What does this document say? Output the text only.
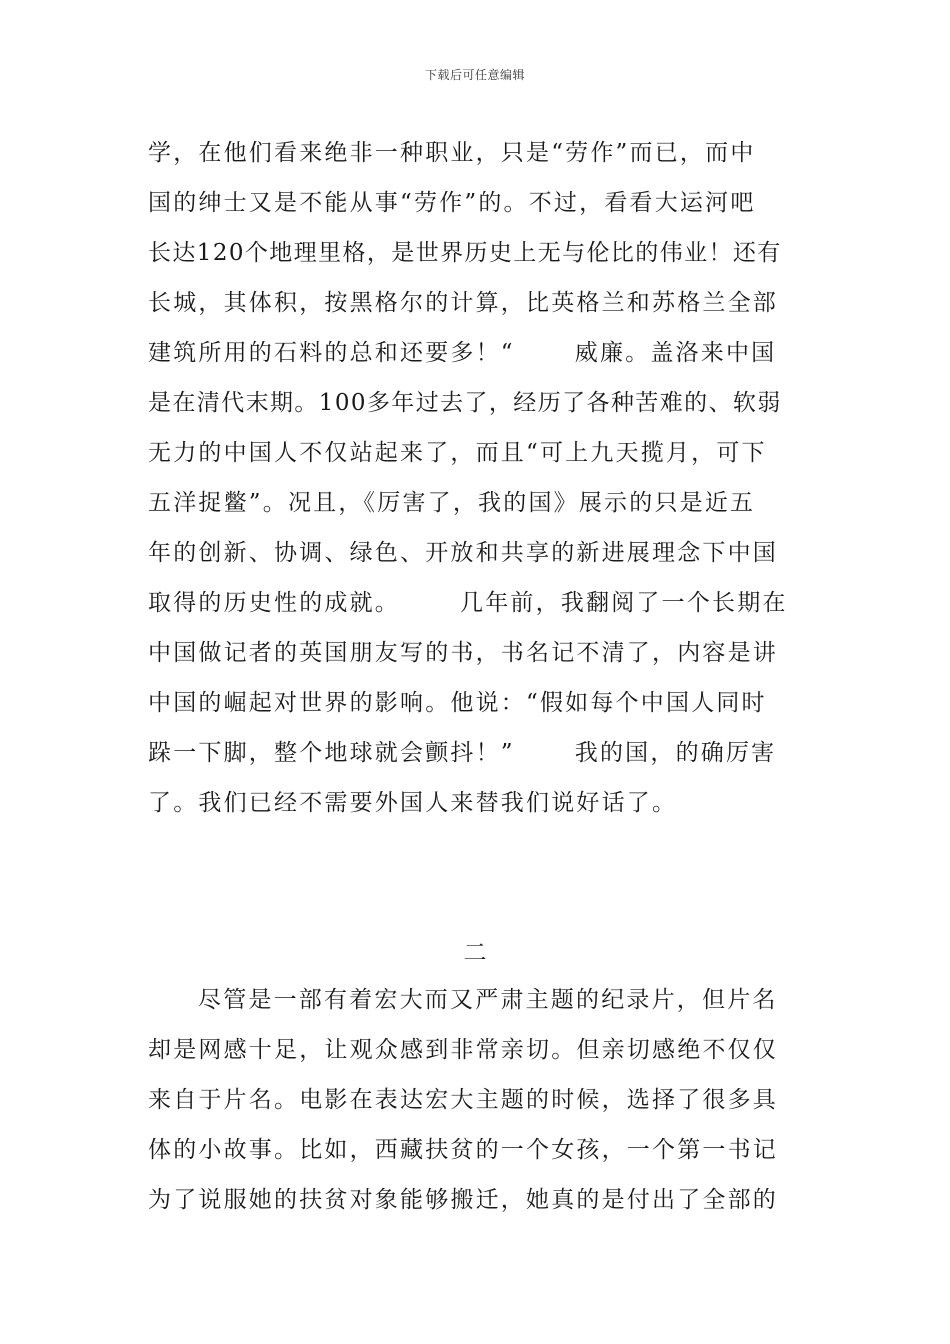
下载后可任意编辑
学，在他们看来绝非一种职业，只是“劳作”而已，而中
国的绅士又是不能从事“劳作”的。不过，看看大运河吧
长达120个地理里格，是世界历史上无与伦比的伟业！还有
长城，其体积，按黑格尔的计算，比英格兰和苏格兰全部
建筑所用的石料的总和还要多！“	威廉。盖洛来中国
是在清代末期。100多年过去了，经历了各种苦难的、软弱
无力的中国人不仅站起来了，而且“可上九天揽月，可下
五洋捉鳖”。况且，《厉害了，我的国》展示的只是近五
年的创新、协调、绿色、开放和共享的新进展理念下中国
取得的历史性的成就。	几年前，我翻阅了一个长期在
中国做记者的英国朋友写的书，书名记不清了，内容是讲
中国的崛起对世界的影响。他说：“假如每个中国人同时
跺一下脚，整个地球就会颤抖！”	我的国，的确厉害
了。我们已经不需要外国人来替我们说好话了。
二
尽管是一部有着宏大而又严肃主题的纪录片，但片名
却是网感十足，让观众感到非常亲切。但亲切感绝不仅仅
来自于片名。电影在表达宏大主题的时候，选择了很多具
体的小故事。比如，西藏扶贫的一个女孩，一个第一书记
为了说服她的扶贫对象能够搬迁，她真的是付出了全部的
